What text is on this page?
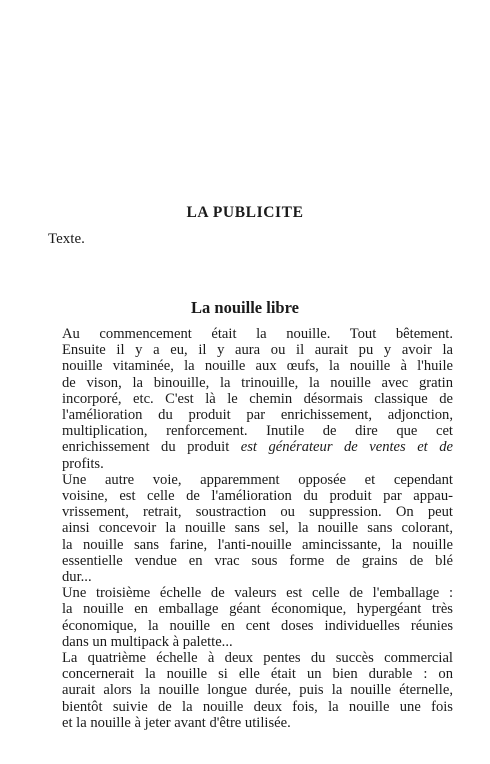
LA PUBLICITE

Texte.

La nouille libre

Au commencement était la nouille. Tout bêtement.
Ensuite il y a eu, il y aura ou il aurait pu y avoir la
nouille vitaminée, la nouille aux œufs, la nouille à l'huile
de vison, la binouille, la trinouille, la nouille avec gratin
incorporé, etc. C'est là le chemin désormais classique de
l'amélioration du produit par enrichissement, adjonction,
multiplication, renforcement. Inutile de dire que cet
enrichissement du produit est générateur de ventes et de
profits.

Une autre voie, apparemment opposée et cependant
voisine, est celle de l'amélioration du produit par appau-
vrissement, retrait, soustraction ou suppression. On peut
ainsi concevoir la nouille sans sel, la nouille sans colorant,
la nouille sans farine, l'anti-nouille amincissante, la nouille
essentielle vendue en vrac sous forme de grains de blé
dur...

Une troisième échelle de valeurs est celle de l'emballage :
la nouille en emballage géant économique, hypergéant très
économique, la nouille en cent doses individuelles réunies
dans un multipack à palette...

La quatrième échelle à deux pentes du succès commercial
concernerait la nouille si elle était un bien durable : on
aurait alors la nouille longue durée, puis la nouille éternelle,
bientôt suivie de la nouille deux fois, la nouille une fois
et la nouille à jeter avant d'être utilisée.
